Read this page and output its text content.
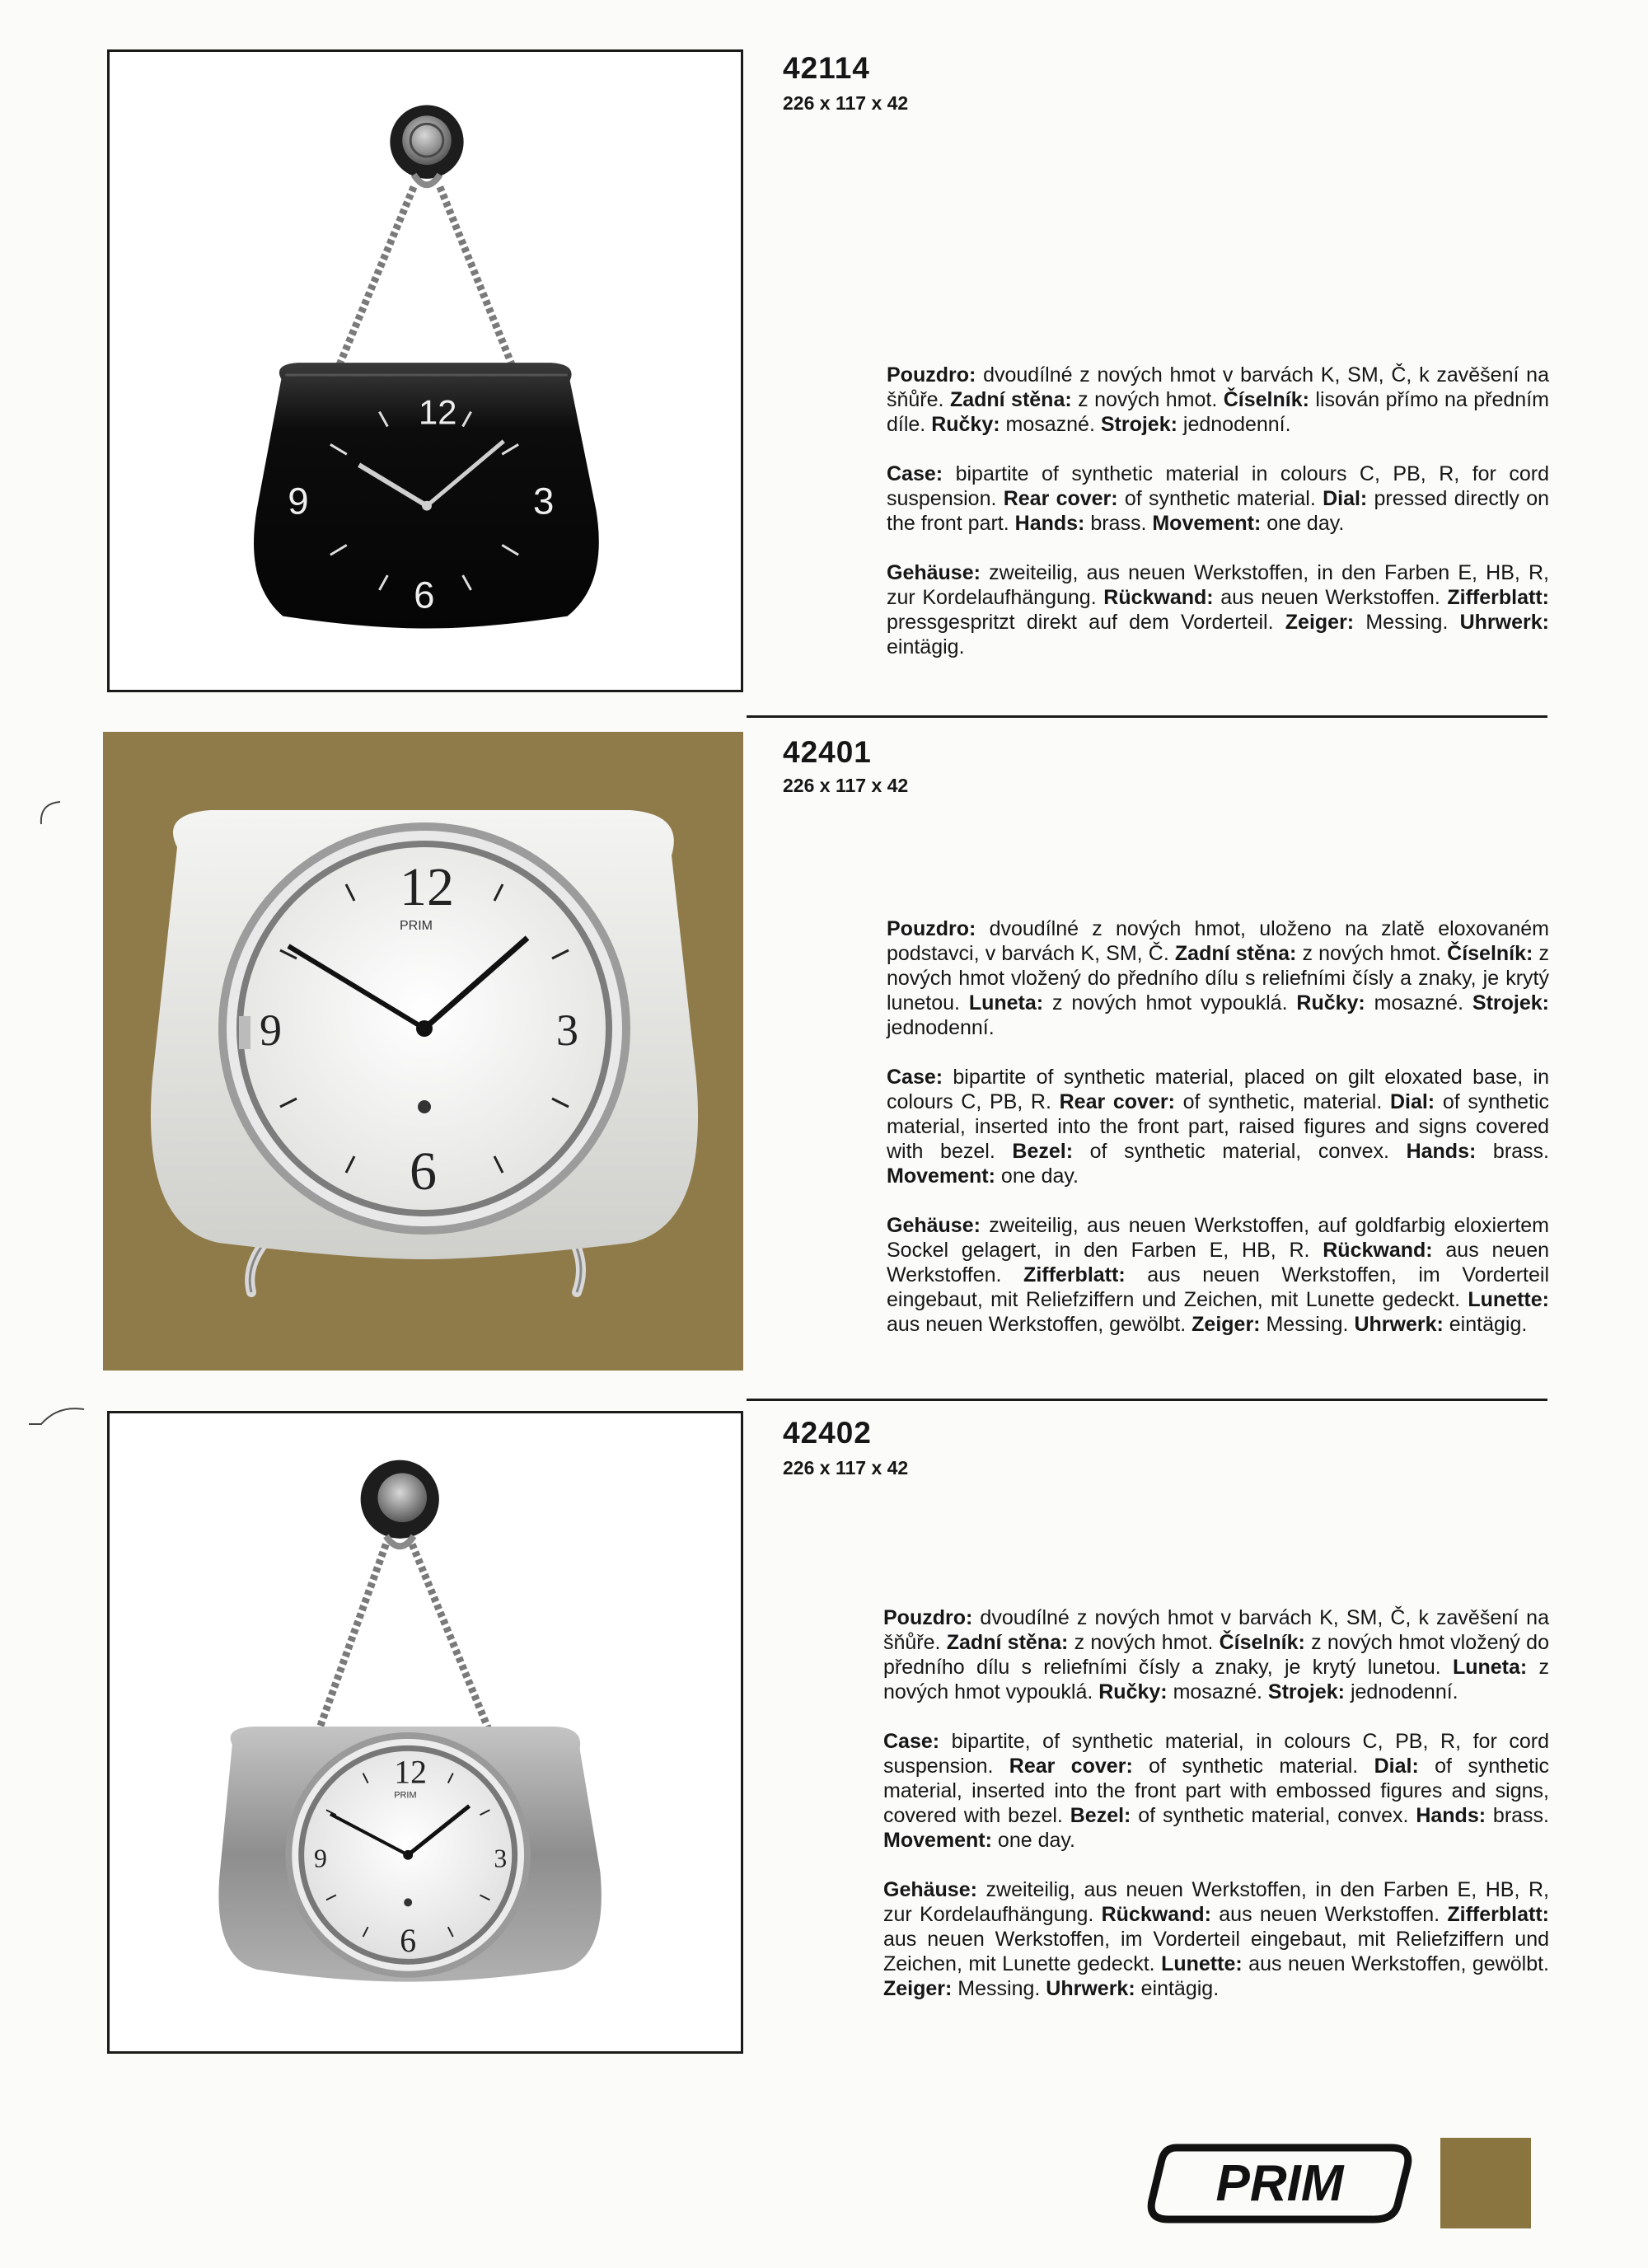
12
3
6
9
42114
226 x 117 x 42

Pouzdro: dvoudílné z nových hmot v barvách K, SM, Č, k zavěšení na šňůře. Zadní stěna: z nových hmot. Číselník: lisován přímo na předním díle. Ručky: mosazné. Strojek: jednodenní.

Case: bipartite of synthetic material in colours C, PB, R, for cord suspension. Rear cover: of synthetic material. Dial: pressed directly on the front part. Hands: brass. Movement: one day.

Gehäuse: zweiteilig, aus neuen Werkstoffen, in den Farben E, HB, R, zur Kordelaufhängung. Rückwand: aus neuen Werkstoffen. Zifferblatt: pressgespritzt direkt auf dem Vorderteil. Zeiger: Messing. Uhrwerk: eintägig.

12
3
6
9
PRIM
42401
226 x 117 x 42

Pouzdro: dvoudílné z nových hmot, uloženo na zlatě eloxovaném podstavci, v barvách K, SM, Č. Zadní stěna: z nových hmot. Číselník: z nových hmot vložený do předního dílu s reliefními čísly a znaky, je krytý lunetou. Luneta: z nových hmot vypouklá. Ručky: mosazné. Strojek: jednodenní.

Case: bipartite of synthetic material, placed on gilt eloxated base, in colours C, PB, R. Rear cover: of synthetic, material. Dial: of synthetic material, inserted into the front part, raised figures and signs covered with bezel. Bezel: of synthetic material, convex. Hands: brass. Movement: one day.

Gehäuse: zweiteilig, aus neuen Werkstoffen, auf goldfarbig eloxiertem Sockel gelagert, in den Farben E, HB, R. Rückwand: aus neuen Werkstoffen. Zifferblatt: aus neuen Werkstoffen, im Vorderteil eingebaut, mit Reliefziffern und Zeichen, mit Lunette gedeckt. Lunette: aus neuen Werkstoffen, gewölbt. Zeiger: Messing. Uhrwerk: eintägig.

12
3
6
9
PRIM
42402
226 x 117 x 42

Pouzdro: dvoudílné z nových hmot v barvách K, SM, Č, k zavěšení na šňůře. Zadní stěna: z nových hmot. Číselník: z nových hmot vložený do předního dílu s reliefními čísly a znaky, je krytý lunetou. Luneta: z nových hmot vypouklá. Ručky: mosazné. Strojek: jednodenní.

Case: bipartite, of synthetic material, in colours C, PB, R, for cord suspension. Rear cover: of synthetic material. Dial: of synthetic material, inserted into the front part with embossed figures and signs, covered with bezel. Bezel: of synthetic material, convex. Hands: brass. Movement: one day.

Gehäuse: zweiteilig, aus neuen Werkstoffen, in den Farben E, HB, R, zur Kordelaufhängung. Rückwand: aus neuen Werkstoffen. Zifferblatt: aus neuen Werkstoffen, im Vorderteil eingebaut, mit Reliefziffern und Zeichen, mit Lunette gedeckt. Lunette: aus neuen Werkstoffen, gewölbt. Zeiger: Messing. Uhrwerk: eintägig.

PRIM
